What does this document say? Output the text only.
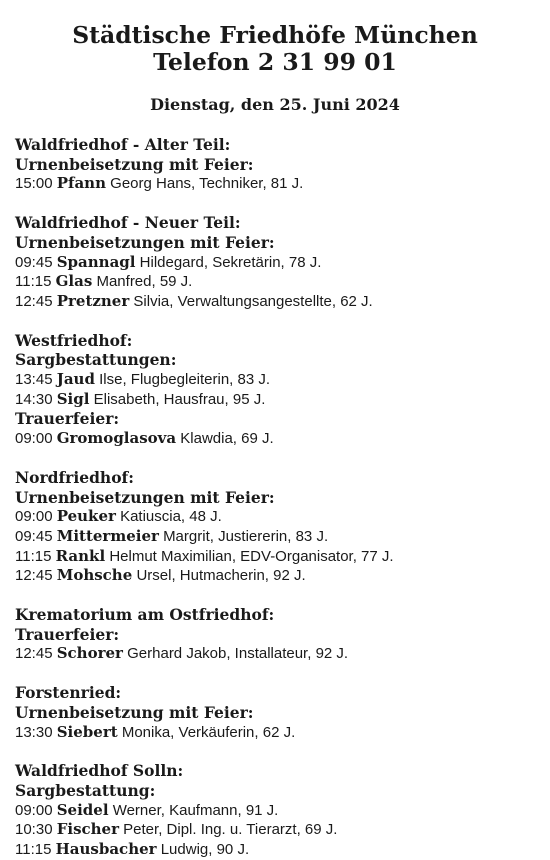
Städtische Friedhöfe München
Telefon 2 31 99 01
Dienstag, den 25. Juni 2024
Waldfriedhof - Alter Teil:
Urnenbeisetzung mit Feier:
15:00 Pfann Georg Hans, Techniker, 81 J.
Waldfriedhof - Neuer Teil:
Urnenbeisetzungen mit Feier:
09:45 Spannagl Hildegard, Sekretärin, 78 J.
11:15 Glas Manfred, 59 J.
12:45 Pretzner Silvia, Verwaltungsangestellte, 62 J.
Westfriedhof:
Sargbestattungen:
13:45 Jaud Ilse, Flugbegleiterin, 83 J.
14:30 Sigl Elisabeth, Hausfrau, 95 J.
Trauerfeier:
09:00 Gromoglasova Klawdia, 69 J.
Nordfriedhof:
Urnenbeisetzungen mit Feier:
09:00 Peuker Katiuscia, 48 J.
09:45 Mittermeier Margrit, Justiererin, 83 J.
11:15 Rankl Helmut Maximilian, EDV-Organisator, 77 J.
12:45 Mohsche Ursel, Hutmacherin, 92 J.
Krematorium am Ostfriedhof:
Trauerfeier:
12:45 Schorer Gerhard Jakob, Installateur, 92 J.
Forstenried:
Urnenbeisetzung mit Feier:
13:30 Siebert Monika, Verkäuferin, 62 J.
Waldfriedhof Solln:
Sargbestattung:
09:00 Seidel Werner, Kaufmann, 91 J.
10:30 Fischer Peter, Dipl. Ing. u. Tierarzt, 69 J.
11:15 Hausbacher Ludwig, 90 J.
